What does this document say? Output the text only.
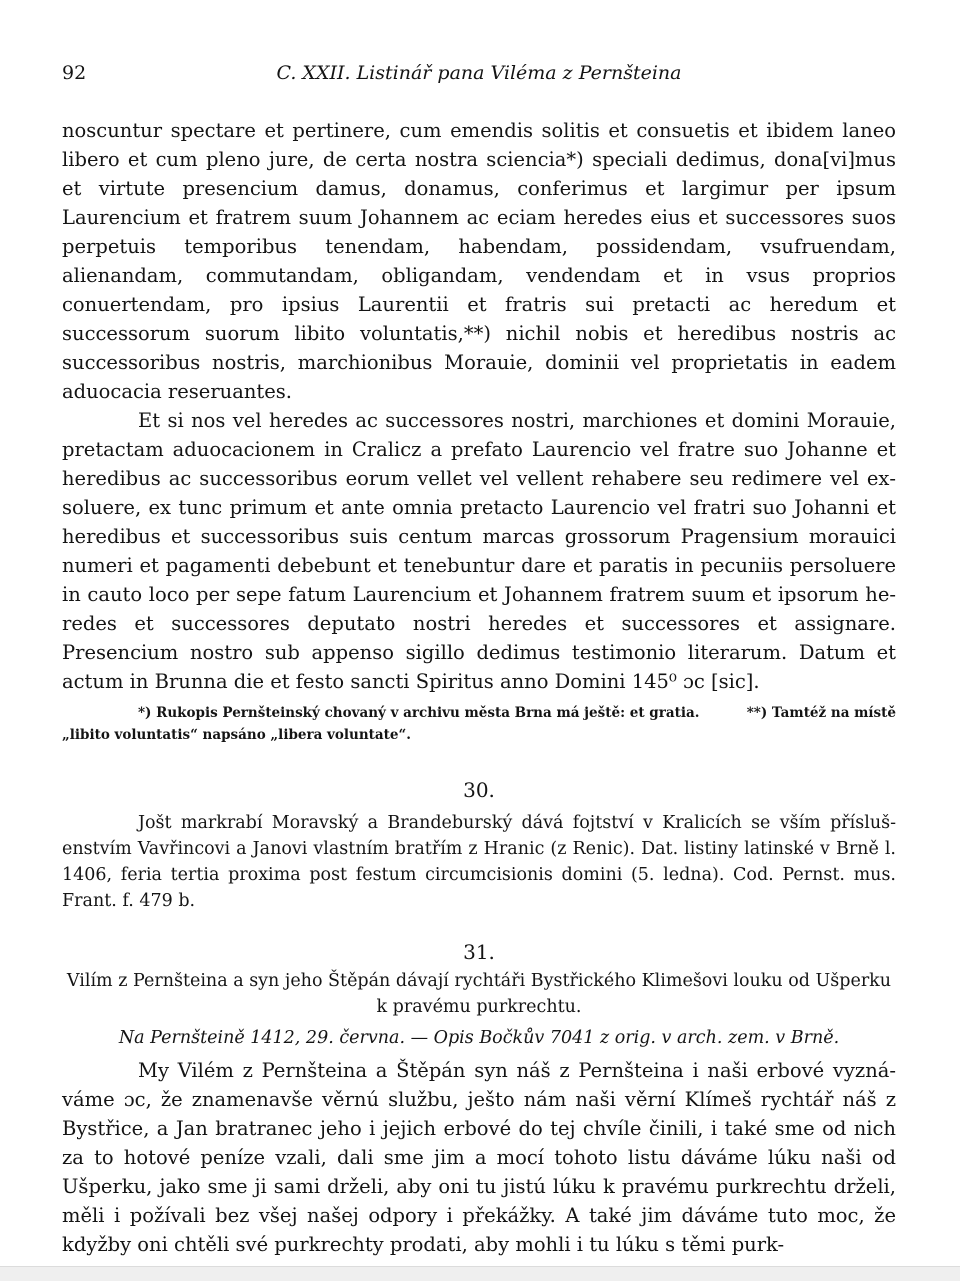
92	C. XXII. Listinář pana Viléma z Pernšteina

noscuntur spectare et pertinere, cum emendis solitis et consuetis et ibidem laneo libero et cum pleno jure, de certa nostra sciencia*) speciali dedimus, dona[vi]mus et virtute presencium damus, donamus, conferimus et largimur per ipsum Laurencium et fratrem suum Johannem ac eciam heredes eius et successores suos perpetuis temporibus tenendam, habendam, possidendam, vsufruendam, alienandam, commutandam, obligandam, vendendam et in vsus proprios conuertendam, pro ipsius Laurentii et fratris sui pretacti ac heredum et successorum suorum libito voluntatis,**) nichil nobis et heredibus nostris ac successoribus nostris, marchionibus Morauie, dominii vel proprietatis in eadem aduocacia reseruantes.

Et si nos vel heredes ac successores nostri, marchiones et domini Morauie, pretactam aduocacionem in Cralicz a prefato Laurencio vel fratre suo Johanne et heredibus ac successoribus eorum vellet vel vellent rehabere seu redimere vel exsoluere, ex tunc primum et ante omnia pretacto Laurencio vel fratri suo Johanni et heredibus et successoribus suis centum marcas grossorum Pragensium morauici numeri et pagamenti debebunt et tenebuntur dare et paratis in pecuniis persoluere in cauto loco per sepe fatum Laurencium et Johannem fratrem suum et ipsorum heredes et successores deputato nostri heredes et successores et assignare. Presencium nostro sub appenso sigillo dedimus testimonio literarum. Datum et actum in Brunna die et festo sancti Spiritus anno Domini 145⁰ ɔc [sic].

*) Rukopis Pernšteinský chovaný v archivu města Brna má ještě: et gratia.	**) Tamtéž na místě
„libito voluntatis“ napsáno „libera voluntate“.
30.

Jošt markrabí Moravský a Brandeburský dává fojtství v Kralicích se vším příslušenstvím Vavřincovi a Janovi vlastním bratřím z Hranic (z Renic). Dat. listiny latinské v Brně l. 1406, feria tertia proxima post festum circumcisionis domini (5. ledna). Cod. Pernst. mus. Frant. f. 479 b.

31.

Vilím z Pernšteina a syn jeho Štěpán dávají rychtáři Bystřického Klimešovi louku od Ušperku k pravému purkrechtu.

Na Pernšteině 1412, 29. června. — Opis Bočkův 7041 z orig. v arch. zem. v Brně.

My Vilém z Pernšteina a Štěpán syn náš z Pernšteina i naši erbové vyznáváme ɔc, že znamenavše věrnú službu, ješto nám naši věrní Klímeš rychtář náš z Bystřice, a Jan bratranec jeho i jejich erbové do tej chvíle činili, i také sme od nich za to hotové peníze vzali, dali sme jim a mocí tohoto listu dáváme lúku naši od Ušperku, jako sme ji sami drželi, aby oni tu jistú lúku k pravému purkrechtu drželi, měli i požívali bez všej našej odpory i překážky. A také jim dáváme tuto moc, že kdyžby oni chtěli své purkrechty prodati, aby mohli i tu lúku s těmi purk-
